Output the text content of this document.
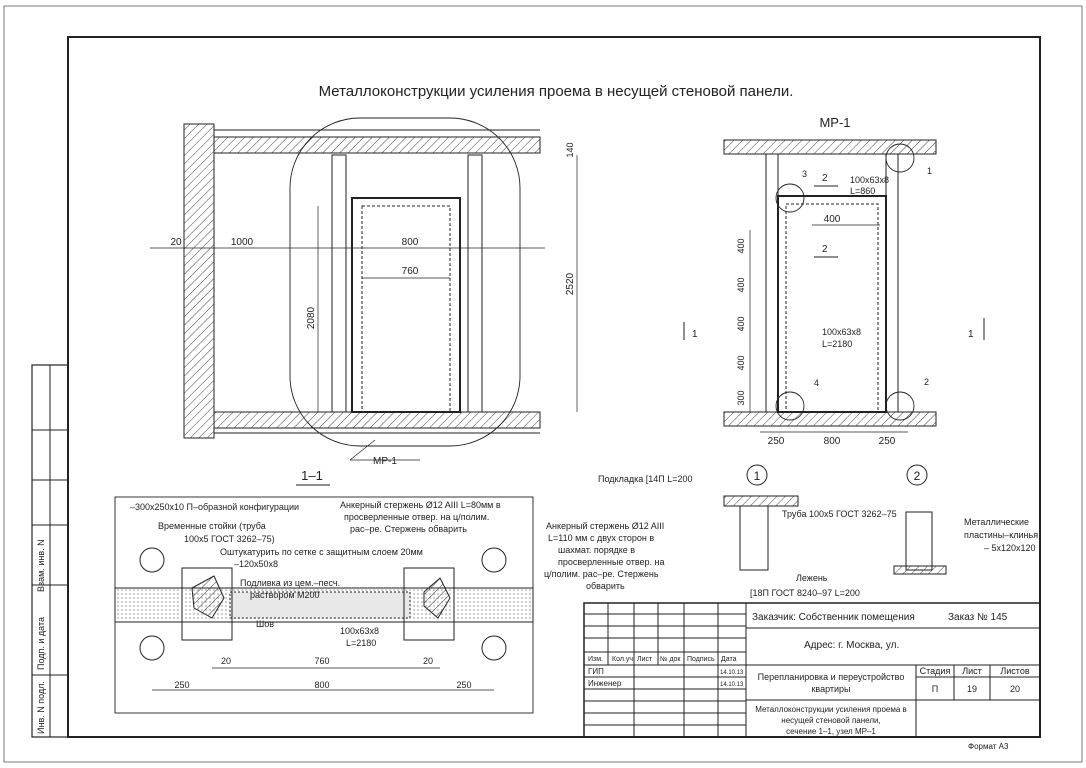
Взам. инв. N
Подп. и дата
Инв. N подл.
Металлоконструкции усиления проема в несущей стеновой панели.
20	1000	800
760
2080
2520
140
МР-1
МР-1
400
400
400
400
300
250	800	250
400
100х63х8
L=860
100х63х8
L=2180
1
2
3
4
2
2
1	1
1–1
–300х250х10 П–образной конфигурации
Временные стойки (труба
100х5 ГОСТ 3262–75)
Оштукатурить по сетке с защитным слоем 20мм
–120х50х8
Подливка из цем.–песч.
раствором М200
Шов
Анкерный стержень Ø12 AIII L=80мм в
просверленные отвер. на ц/полим.
рас–ре. Стержень обварить	Анкерный стержень Ø12 AIII
L=110 мм с двух сторон в
шахмат. порядке в
просверленные отвер. на
ц/полим. рас–ре. Стержень
обварить
100х63х8
L=2180
20	20
760
250	800	250
1	2
Подкладка [14П L=200
Труба 100х5 ГОСТ 3262–75
Лежень
[18П ГОСТ 8240–97 L=200
Металлические
пластины–клинья
– 5х120х120
Изм. Кол.уч Лист № док Подпись Дата
ГИП
Инженер
14.10.13
14.10.13
Заказчик: Собственник помещения	Заказ № 145
Адрес: г. Москва, ул.
Перепланировка и переустройство
квартиры
Металлоконструкции усиления проема в
несущей стеновой панели,
сечение 1–1, узел МР–1
Стадия Лист Листов
П	19	20
Формат А3
